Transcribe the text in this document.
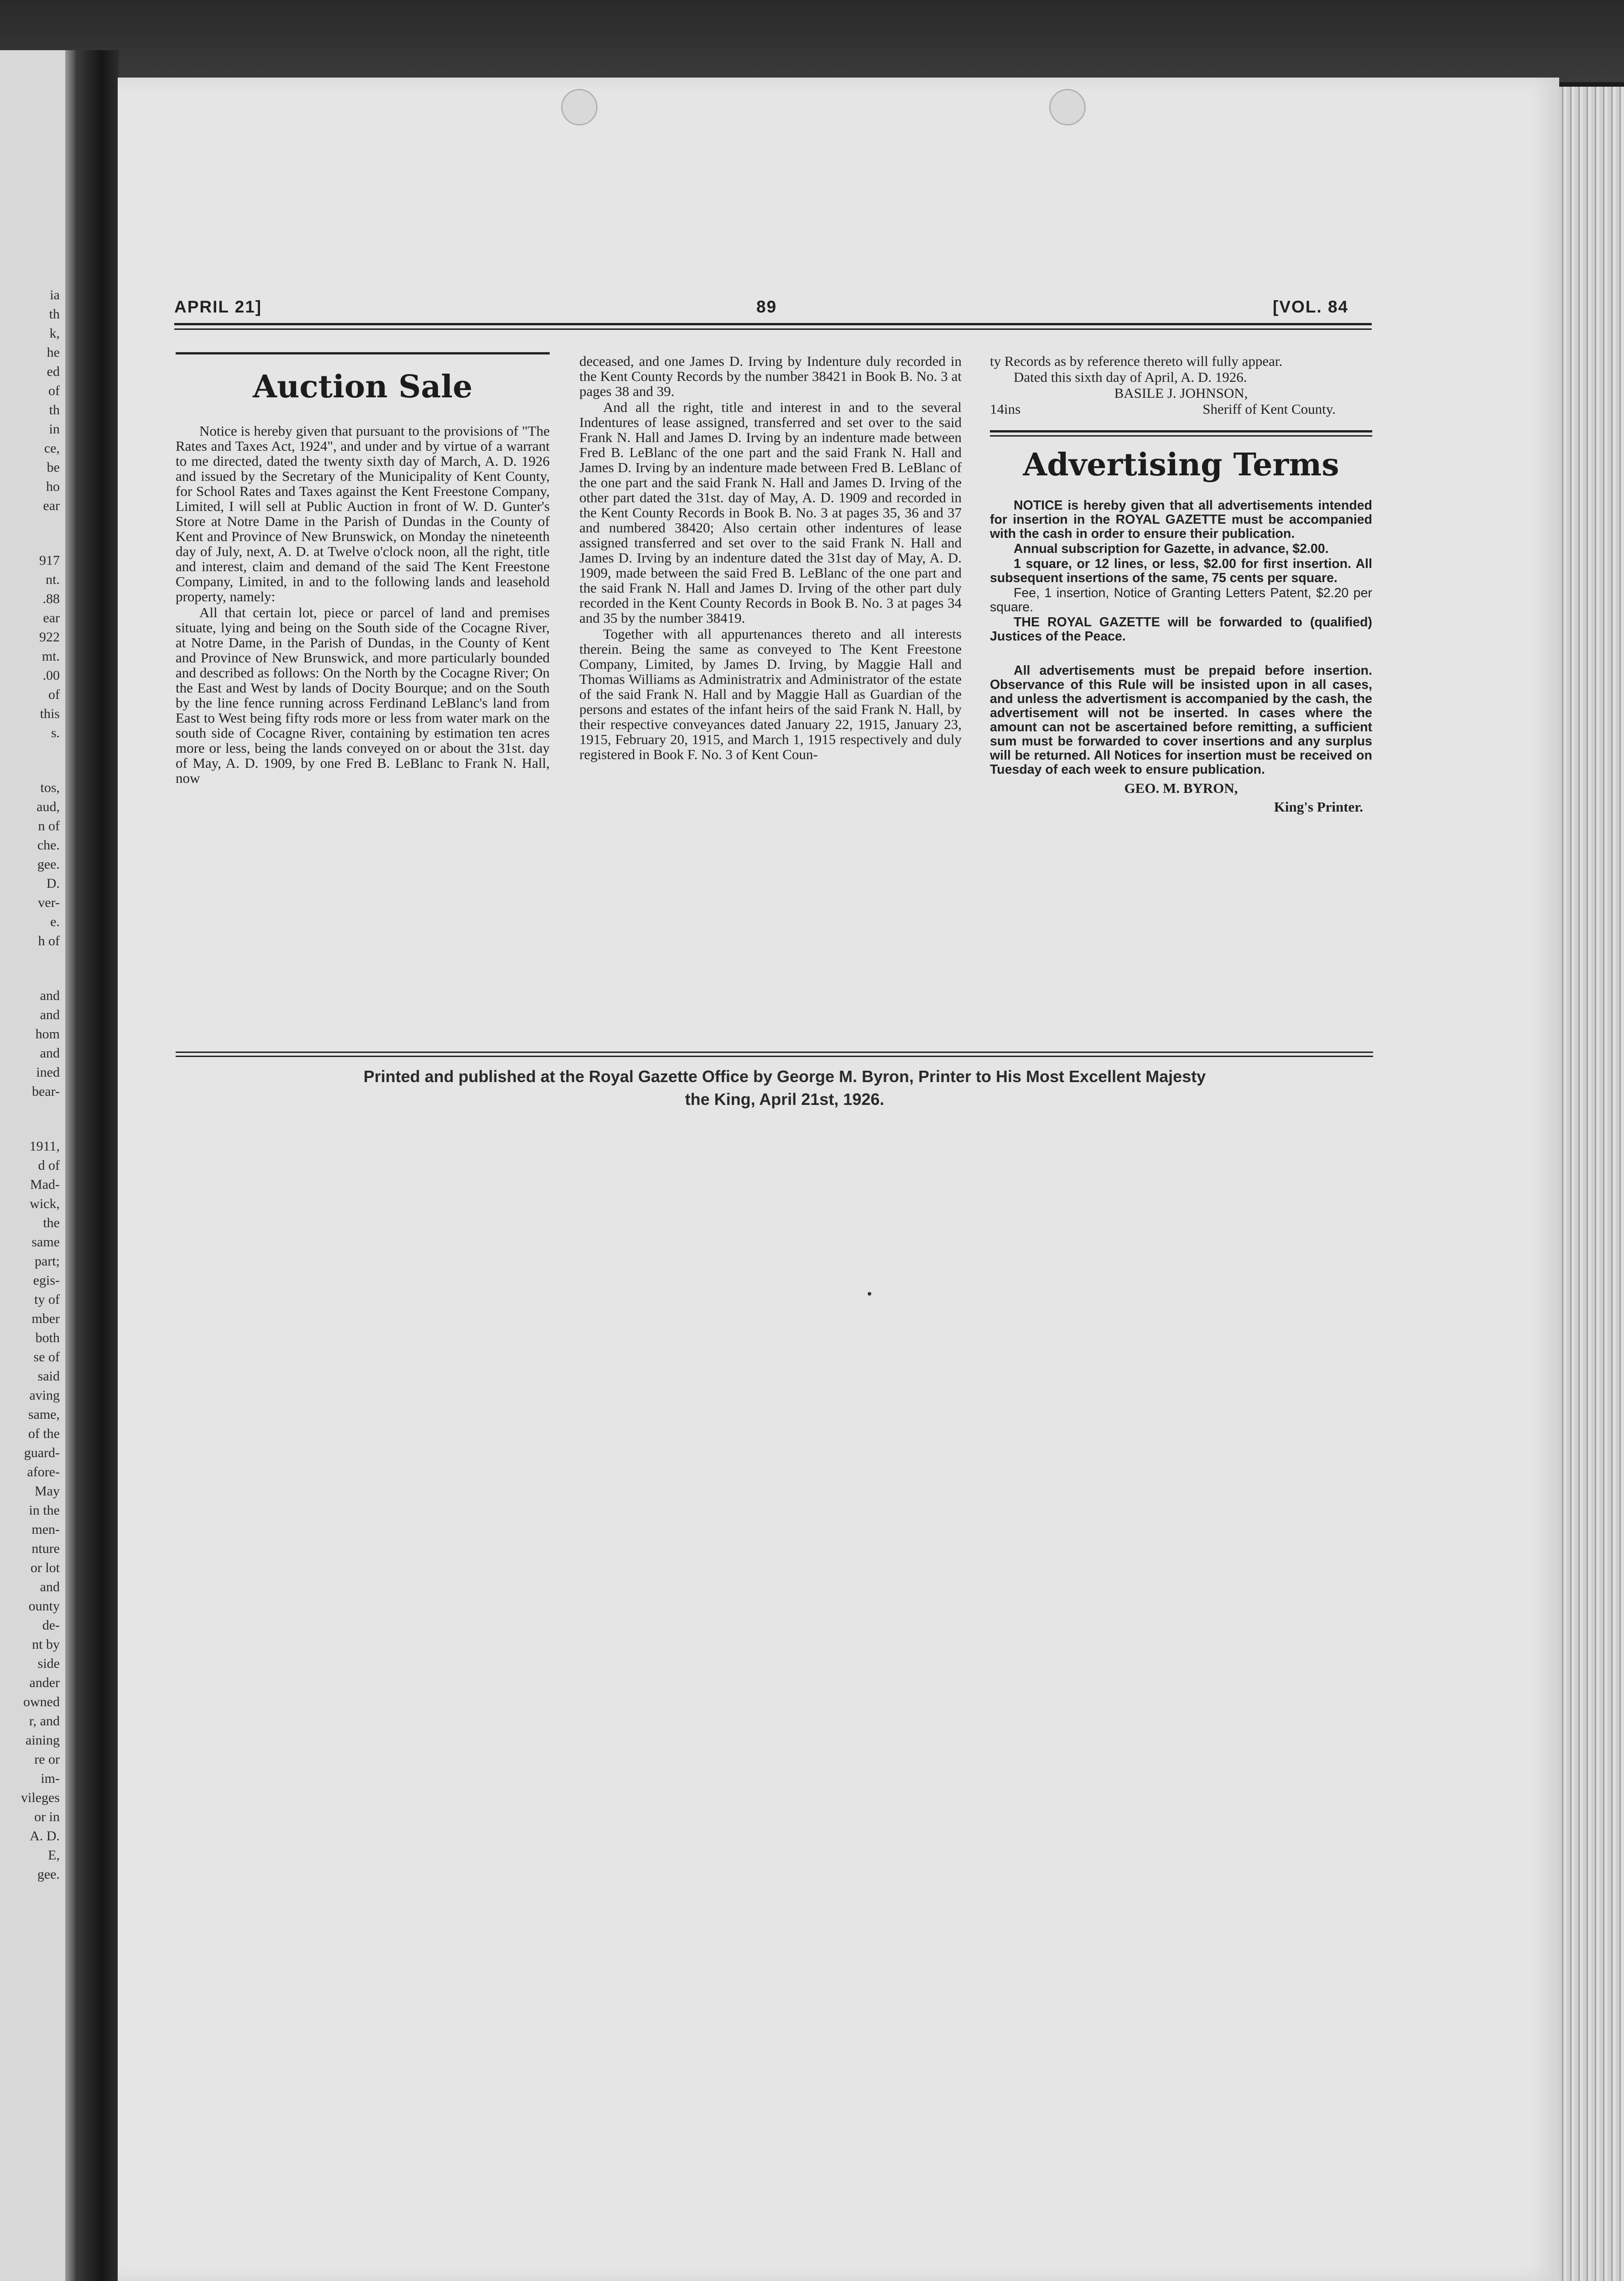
ia
th
k,
he
ed
of
th
in
ce,
be
ho
ear
917
nt.
.88
ear
922
mt.
.00
of
this
s.
tos,
aud,
n of
che.
gee.
D.
ver-
e.
h of
and
and
hom
and
ined
bear-
1911,
d of
Mad-
wick,
the
same
part;
egis-
ty of
mber
both
se of
said
aving
same,
of the
guard-
afore-
May
in the
men-
nture
or lot
and
ounty
de-
nt by
side
ander
owned
r, and
aining
re or
im-
vileges
or in
A. D.
E,
gee.
APRIL 21]	89	[VOL. 84
Auction Sale

Notice is hereby given that pursuant to the provisions of "The Rates and Taxes Act, 1924", and under and by virtue of a warrant to me directed, dated the twenty sixth day of March, A. D. 1926 and issued by the Secretary of the Municipality of Kent County, for School Rates and Taxes against the Kent Freestone Company, Limited, I will sell at Public Auction in front of W. D. Gunter's Store at Notre Dame in the Parish of Dundas in the County of Kent and Province of New Brunswick, on Monday the nineteenth day of July, next, A. D. at Twelve o'clock noon, all the right, title and interest, claim and demand of the said The Kent Freestone Company, Limited, in and to the following lands and leasehold property, namely:

All that certain lot, piece or parcel of land and premises situate, lying and being on the South side of the Cocagne River, at Notre Dame, in the Parish of Dundas, in the County of Kent and Province of New Brunswick, and more particularly bounded and described as follows: On the North by the Cocagne River; On the East and West by lands of Docity Bourque; and on the South by the line fence running across Ferdinand LeBlanc's land from East to West being fifty rods more or less from water mark on the south side of Cocagne River, containing by estimation ten acres more or less, being the lands conveyed on or about the 31st. day of May, A. D. 1909, by one Fred B. LeBlanc to Frank N. Hall, now

deceased, and one James D. Irving by Indenture duly recorded in the Kent County Records by the number 38421 in Book B. No. 3 at pages 38 and 39.

And all the right, title and interest in and to the several Indentures of lease assigned, transferred and set over to the said Frank N. Hall and James D. Irving by an indenture made between Fred B. LeBlanc of the one part and the said Frank N. Hall and James D. Irving by an indenture made between Fred B. LeBlanc of the one part and the said Frank N. Hall and James D. Irving of the other part dated the 31st. day of May, A. D. 1909 and recorded in the Kent County Records in Book B. No. 3 at pages 35, 36 and 37 and numbered 38420; Also certain other indentures of lease assigned transferred and set over to the said Frank N. Hall and James D. Irving by an indenture dated the 31st day of May, A. D. 1909, made between the said Fred B. LeBlanc of the one part and the said Frank N. Hall and James D. Irving of the other part duly recorded in the Kent County Records in Book B. No. 3 at pages 34 and 35 by the number 38419.

Together with all appurtenances thereto and all interests therein. Being the same as conveyed to The Kent Freestone Company, Limited, by James D. Irving, by Maggie Hall and Thomas Williams as Administratrix and Administrator of the estate of the said Frank N. Hall and by Maggie Hall as Guardian of the persons and estates of the infant heirs of the said Frank N. Hall, by their respective conveyances dated January 22, 1915, January 23, 1915, February 20, 1915, and March 1, 1915 respectively and duly registered in Book F. No. 3 of Kent Coun-

ty Records as by reference thereto will fully appear.

Dated this sixth day of April, A. D. 1926.

BASILE J. JOHNSON,

14ins	Sheriff of Kent County.
Advertising Terms

NOTICE is hereby given that all advertisements intended for insertion in the ROYAL GAZETTE must be accompanied with the cash in order to ensure their publication.

Annual subscription for Gazette, in advance, $2.00.

1 square, or 12 lines, or less, $2.00 for first insertion. All subsequent insertions of the same, 75 cents per square.

Fee, 1 insertion, Notice of Granting Letters Patent, $2.20 per square.

THE ROYAL GAZETTE will be forwarded to (qualified) Justices of the Peace.

All advertisements must be prepaid before insertion. Observance of this Rule will be insisted upon in all cases, and unless the advertisment is accompanied by the cash, the advertisement will not be inserted. In cases where the amount can not be ascertained before remitting, a sufficient sum must be forwarded to cover insertions and any surplus will be returned. All Notices for insertion must be received on Tuesday of each week to ensure publication.

GEO. M. BYRON,

King's Printer.

Printed and published at the Royal Gazette Office by George M. Byron, Printer to His Most Excellent Majesty
the King, April 21st, 1926.
